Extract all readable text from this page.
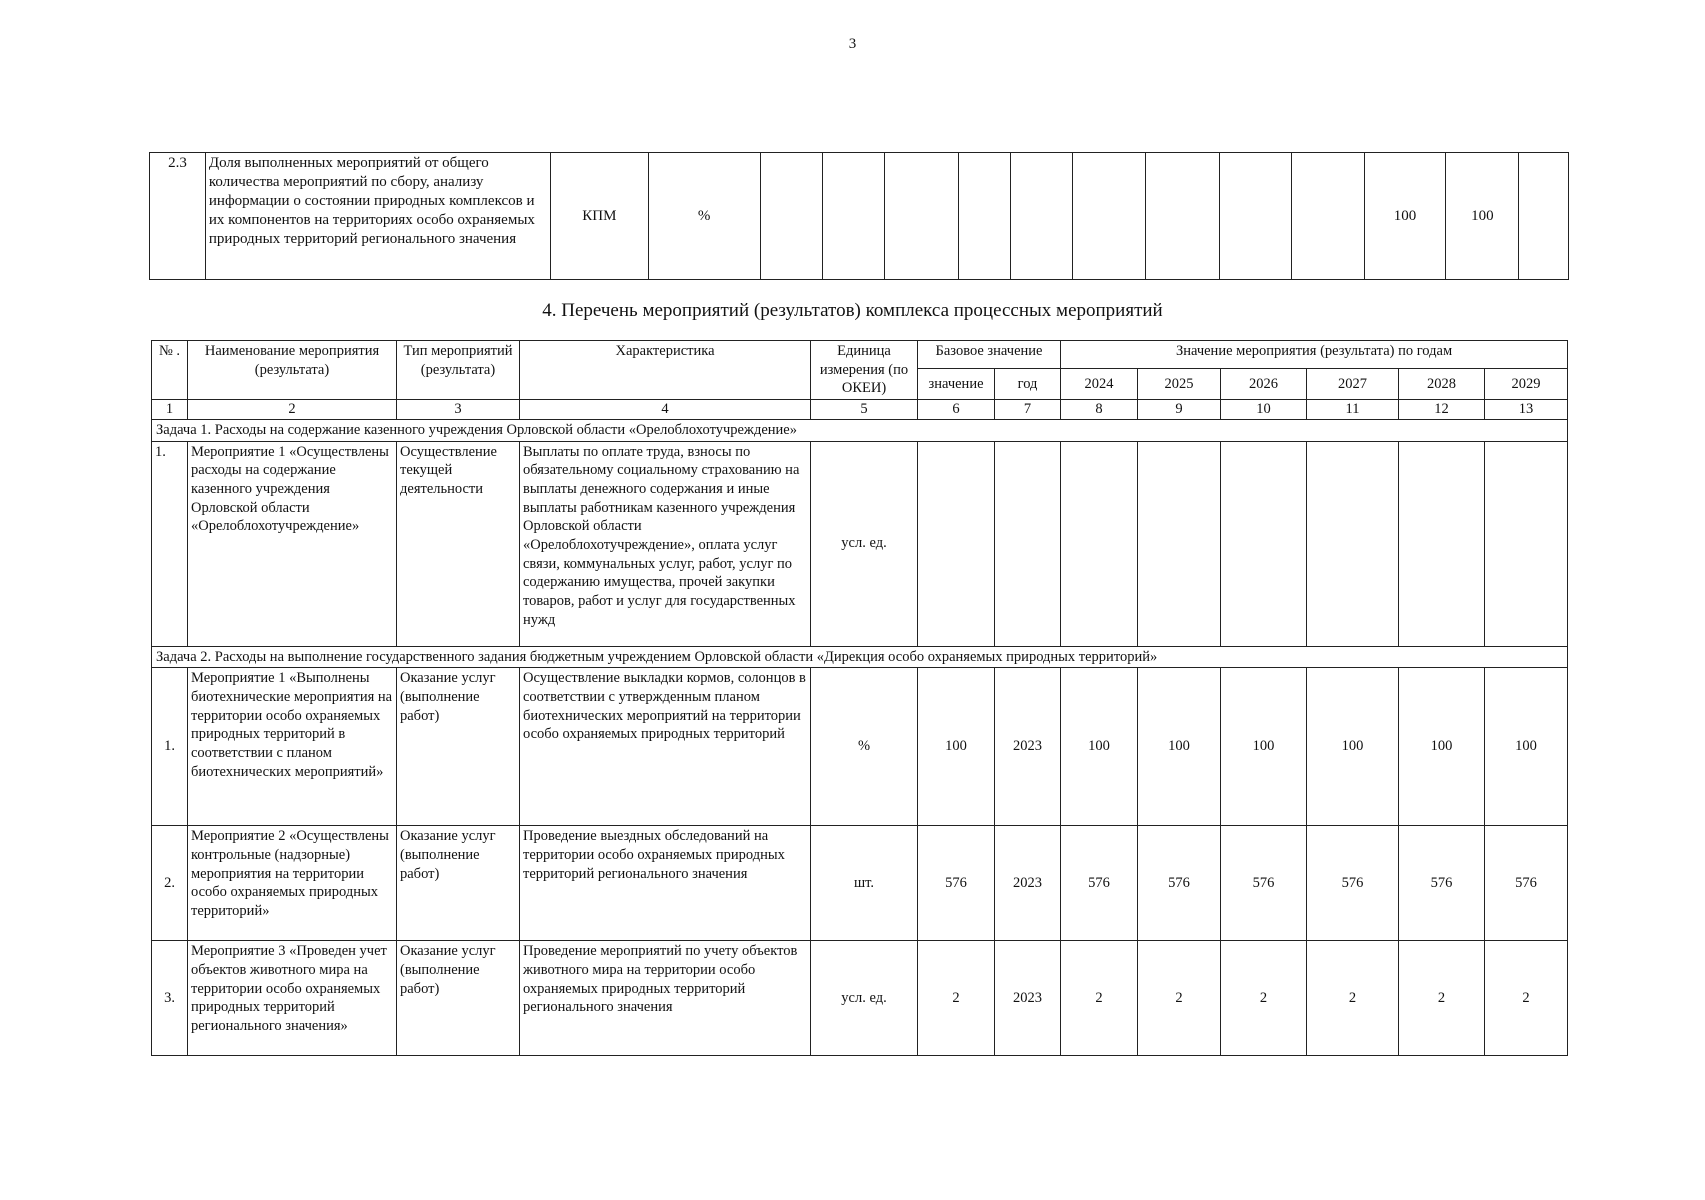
3
2.3	Доля выполненных мероприятий от общего количества мероприятий по сбору, анализу информации о состоянии природных комплексов и их компонентов на территориях особо охраняемых природных территорий регионального значения	КПМ	%										100	100	
4. Перечень мероприятий (результатов) комплекса процессных мероприятий
№ .	Наименование мероприятия (результата)	Тип мероприятий (результата)	Характеристика	Единица измерения (по ОКЕИ)	Базовое значение		Значение мероприятия (результата) по годам					
					значение	год	2024	2025	2026	2027	2028	2029
1	2	3	4	5	6	7	8	9	10	11	12	13
Задача 1. Расходы на содержание казенного учреждения Орловской области «Орелоблохотучреждение»												
1.	Мероприятие 1 «Осуществлены расходы на содержание казенного учреждения Орловской области «Орелоблохотучреждение»	Осуществление текущей деятельности	Выплаты по оплате труда, взносы по обязательному социальному страхованию на выплаты денежного содержания и иные выплаты работникам казенного учреждения Орловской области «Орелоблохотучреждение», оплата услуг связи, коммунальных услуг, работ, услуг по содержанию имущества, прочей закупки товаров, работ и услуг для государственных нужд	усл. ед.								
Задача 2. Расходы на выполнение государственного задания бюджетным учреждением Орловской области «Дирекция особо охраняемых природных территорий»												
1.	Мероприятие 1 «Выполнены биотехнические мероприятия на территории особо охраняемых природных территорий в соответствии с планом биотехнических мероприятий»	Оказание услуг (выполнение работ)	Осуществление выкладки кормов, солонцов в соответствии с утвержденным планом биотехнических мероприятий на территории особо охраняемых природных территорий	%	100	2023	100	100	100	100	100	100
2.	Мероприятие 2 «Осуществлены контрольные (надзорные) мероприятия на территории особо охраняемых природных территорий»	Оказание услуг (выполнение работ)	Проведение выездных обследований на территории особо охраняемых природных территорий регионального значения	шт.	576	2023	576	576	576	576	576	576
3.	Мероприятие 3 «Проведен учет объектов животного мира на территории особо охраняемых природных территорий регионального значения»	Оказание услуг (выполнение работ)	Проведение мероприятий по учету объектов животного мира на территории особо охраняемых природных территорий регионального значения	усл. ед.	2	2023	2	2	2	2	2	2
